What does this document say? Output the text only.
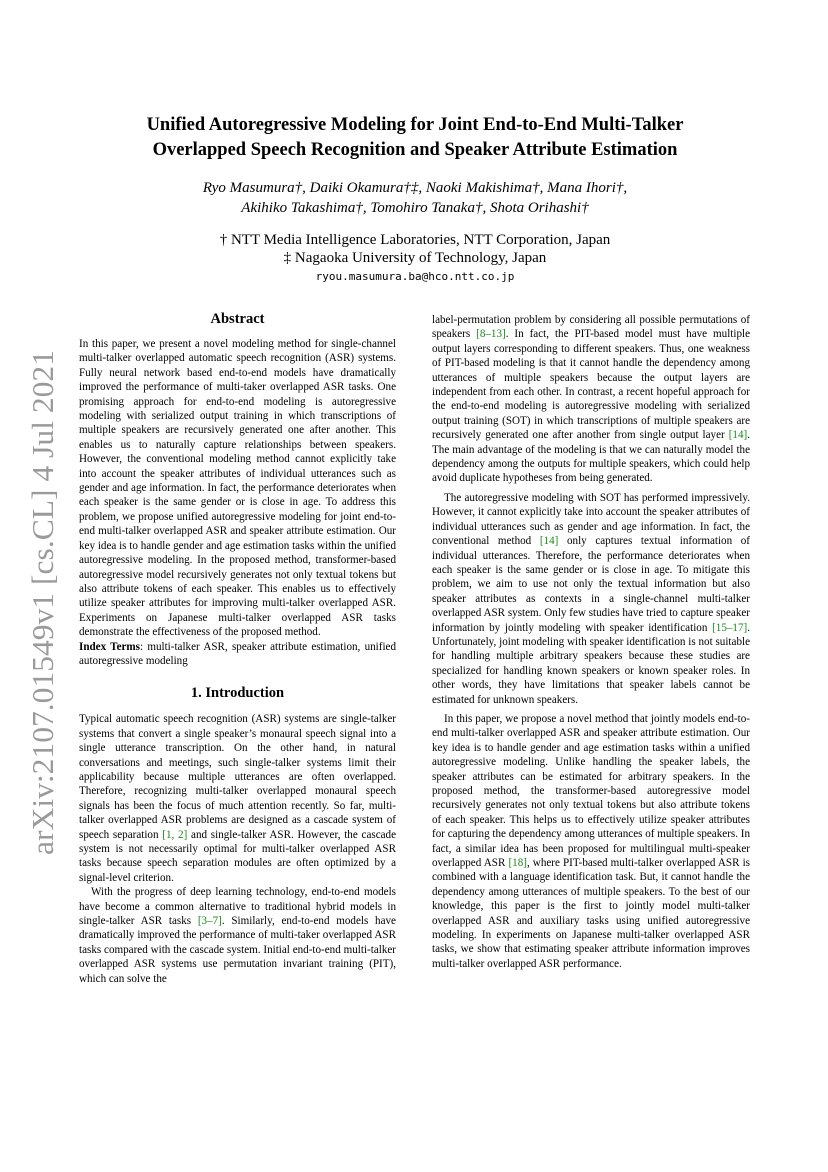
arXiv:2107.01549v1 [cs.CL] 4 Jul 2021
Unified Autoregressive Modeling for Joint End-to-End Multi-Talker
Overlapped Speech Recognition and Speaker Attribute Estimation
Ryo Masumura†, Daiki Okamura†‡, Naoki Makishima†, Mana Ihori†,
Akihiko Takashima†, Tomohiro Tanaka†, Shota Orihashi†
† NTT Media Intelligence Laboratories, NTT Corporation, Japan
‡ Nagaoka University of Technology, Japan
ryou.masumura.ba@hco.ntt.co.jp
Abstract

In this paper, we present a novel modeling method for single-channel multi-talker overlapped automatic speech recognition (ASR) systems. Fully neural network based end-to-end models have dramatically improved the performance of multi-taker overlapped ASR tasks. One promising approach for end-to-end modeling is autoregressive modeling with serialized output training in which transcriptions of multiple speakers are recursively generated one after another. This enables us to naturally capture relationships between speakers. However, the conventional modeling method cannot explicitly take into account the speaker attributes of individual utterances such as gender and age information. In fact, the performance deteriorates when each speaker is the same gender or is close in age. To address this problem, we propose unified autoregressive modeling for joint end-to-end multi-talker overlapped ASR and speaker attribute estimation. Our key idea is to handle gender and age estimation tasks within the unified autoregressive modeling. In the proposed method, transformer-based autoregressive model recursively generates not only textual tokens but also attribute tokens of each speaker. This enables us to effectively utilize speaker attributes for improving multi-talker overlapped ASR. Experiments on Japanese multi-talker overlapped ASR tasks demonstrate the effectiveness of the proposed method.

Index Terms: multi-talker ASR, speaker attribute estimation, unified autoregressive modeling

1. Introduction

Typical automatic speech recognition (ASR) systems are single-talker systems that convert a single speaker’s monaural speech signal into a single utterance transcription. On the other hand, in natural conversations and meetings, such single-talker systems limit their applicability because multiple utterances are often overlapped. Therefore, recognizing multi-talker overlapped monaural speech signals has been the focus of much attention recently. So far, multi-talker overlapped ASR problems are designed as a cascade system of speech separation [1, 2] and single-talker ASR. However, the cascade system is not necessarily optimal for multi-talker overlapped ASR tasks because speech separation modules are often optimized by a signal-level criterion.

With the progress of deep learning technology, end-to-end models have become a common alternative to traditional hybrid models in single-talker ASR tasks [3–7]. Similarly, end-to-end models have dramatically improved the performance of multi-taker overlapped ASR tasks compared with the cascade system. Initial end-to-end multi-talker overlapped ASR systems use permutation invariant training (PIT), which can solve the

label-permutation problem by considering all possible permutations of speakers [8–13]. In fact, the PIT-based model must have multiple output layers corresponding to different speakers. Thus, one weakness of PIT-based modeling is that it cannot handle the dependency among utterances of multiple speakers because the output layers are independent from each other. In contrast, a recent hopeful approach for the end-to-end modeling is autoregressive modeling with serialized output training (SOT) in which transcriptions of multiple speakers are recursively generated one after another from single output layer [14]. The main advantage of the modeling is that we can naturally model the dependency among the outputs for multiple speakers, which could help avoid duplicate hypotheses from being generated.

The autoregressive modeling with SOT has performed impressively. However, it cannot explicitly take into account the speaker attributes of individual utterances such as gender and age information. In fact, the conventional method [14] only captures textual information of individual utterances. Therefore, the performance deteriorates when each speaker is the same gender or is close in age. To mitigate this problem, we aim to use not only the textual information but also speaker attributes as contexts in a single-channel multi-talker overlapped ASR system. Only few studies have tried to capture speaker information by jointly modeling with speaker identification [15–17]. Unfortunately, joint modeling with speaker identification is not suitable for handling multiple arbitrary speakers because these studies are specialized for handling known speakers or known speaker roles. In other words, they have limitations that speaker labels cannot be estimated for unknown speakers.

In this paper, we propose a novel method that jointly models end-to-end multi-talker overlapped ASR and speaker attribute estimation. Our key idea is to handle gender and age estimation tasks within a unified autoregressive modeling. Unlike handling the speaker labels, the speaker attributes can be estimated for arbitrary speakers. In the proposed method, the transformer-based autoregressive model recursively generates not only textual tokens but also attribute tokens of each speaker. This helps us to effectively utilize speaker attributes for capturing the dependency among utterances of multiple speakers. In fact, a similar idea has been proposed for multilingual multi-speaker overlapped ASR [18], where PIT-based multi-talker overlapped ASR is combined with a language identification task. But, it cannot handle the dependency among utterances of multiple speakers. To the best of our knowledge, this paper is the first to jointly model multi-talker overlapped ASR and auxiliary tasks using unified autoregressive modeling. In experiments on Japanese multi-talker overlapped ASR tasks, we show that estimating speaker attribute information improves multi-talker overlapped ASR performance.
